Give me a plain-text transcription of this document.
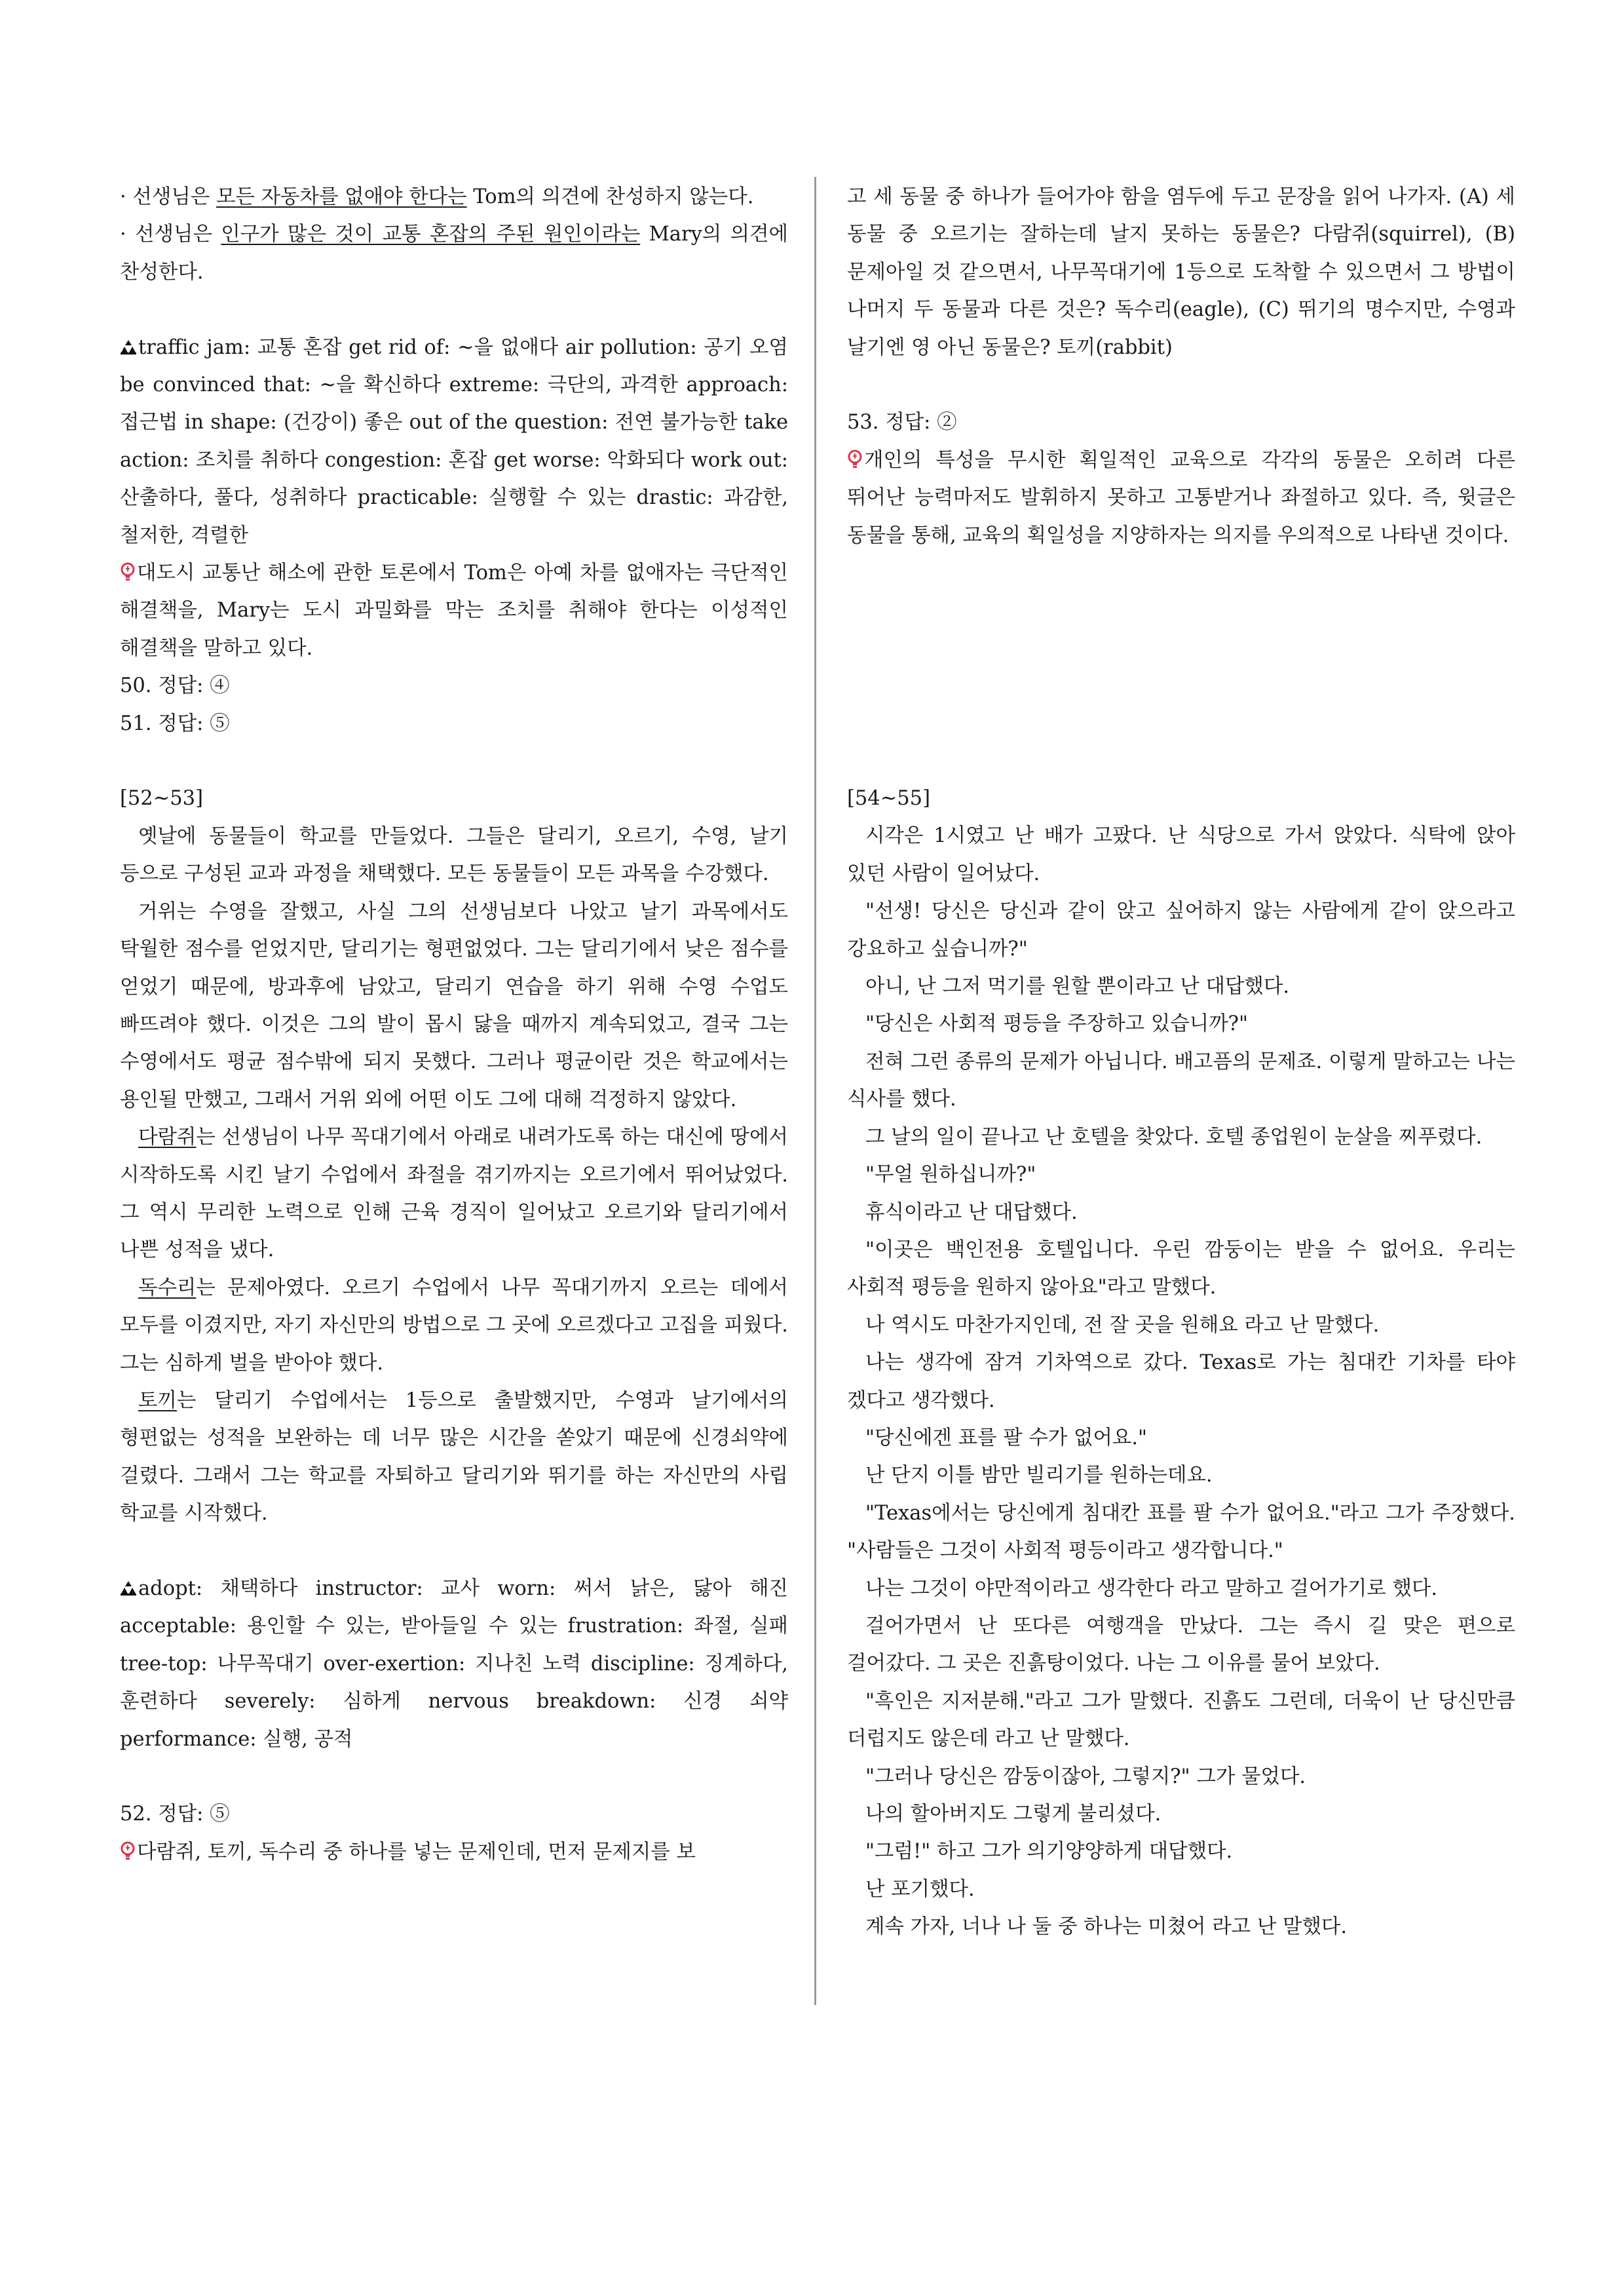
· 선생님은 모든 자동차를 없애야 한다는 Tom의 의견에 찬성하지 않는다.

· 선생님은 인구가 많은 것이 교통 혼잡의 주된 원인이라는 Mary의 의견에 찬성한다.

traffic jam: 교통 혼잡 get rid of: ~을 없애다 air pollution: 공기 오염 be convinced that: ~을 확신하다 extreme: 극단의, 과격한 approach: 접근법 in shape: (건강이) 좋은 out of the question: 전연 불가능한 take action: 조치를 취하다 congestion: 혼잡 get worse: 악화되다 work out: 산출하다, 풀다, 성취하다 practicable: 실행할 수 있는 drastic: 과감한, 철저한, 격렬한

대도시 교통난 해소에 관한 토론에서 Tom은 아예 차를 없애자는 극단적인 해결책을, Mary는 도시 과밀화를 막는 조치를 취해야 한다는 이성적인 해결책을 말하고 있다.

50. 정답: ④

51. 정답: ⑤

[52~53]

옛날에 동물들이 학교를 만들었다. 그들은 달리기, 오르기, 수영, 날기 등으로 구성된 교과 과정을 채택했다. 모든 동물들이 모든 과목을 수강했다.

거위는 수영을 잘했고, 사실 그의 선생님보다 나았고 날기 과목에서도 탁월한 점수를 얻었지만, 달리기는 형편없었다. 그는 달리기에서 낮은 점수를 얻었기 때문에, 방과후에 남았고, 달리기 연습을 하기 위해 수영 수업도 빠뜨려야 했다. 이것은 그의 발이 몹시 닳을 때까지 계속되었고, 결국 그는 수영에서도 평균 점수밖에 되지 못했다. 그러나 평균이란 것은 학교에서는 용인될 만했고, 그래서 거위 외에 어떤 이도 그에 대해 걱정하지 않았다.

다람쥐는 선생님이 나무 꼭대기에서 아래로 내려가도록 하는 대신에 땅에서 시작하도록 시킨 날기 수업에서 좌절을 겪기까지는 오르기에서 뛰어났었다. 그 역시 무리한 노력으로 인해 근육 경직이 일어났고 오르기와 달리기에서 나쁜 성적을 냈다.

독수리는 문제아였다. 오르기 수업에서 나무 꼭대기까지 오르는 데에서 모두를 이겼지만, 자기 자신만의 방법으로 그 곳에 오르겠다고 고집을 피웠다. 그는 심하게 벌을 받아야 했다.

토끼는 달리기 수업에서는 1등으로 출발했지만, 수영과 날기에서의 형편없는 성적을 보완하는 데 너무 많은 시간을 쏟았기 때문에 신경쇠약에 걸렸다. 그래서 그는 학교를 자퇴하고 달리기와 뛰기를 하는 자신만의 사립 학교를 시작했다.

adopt: 채택하다 instructor: 교사 worn: 써서 낡은, 닳아 해진 acceptable: 용인할 수 있는, 받아들일 수 있는 frustration: 좌절, 실패 tree-top: 나무꼭대기 over-exertion: 지나친 노력 discipline: 징계하다, 훈련하다 severely: 심하게 nervous breakdown: 신경 쇠약 performance: 실행, 공적

52. 정답: ⑤

다람쥐, 토끼, 독수리 중 하나를 넣는 문제인데, 먼저 문제지를 보

고 세 동물 중 하나가 들어가야 함을 염두에 두고 문장을 읽어 나가자. (A) 세 동물 중 오르기는 잘하는데 날지 못하는 동물은? 다람쥐(squirrel), (B) 문제아일 것 같으면서, 나무꼭대기에 1등으로 도착할 수 있으면서 그 방법이 나머지 두 동물과 다른 것은? 독수리(eagle), (C) 뛰기의 명수지만, 수영과 날기엔 영 아닌 동물은? 토끼(rabbit)

53. 정답: ②

개인의 특성을 무시한 획일적인 교육으로 각각의 동물은 오히려 다른 뛰어난 능력마저도 발휘하지 못하고 고통받거나 좌절하고 있다. 즉, 윗글은 동물을 통해, 교육의 획일성을 지양하자는 의지를 우의적으로 나타낸 것이다.

[54~55]

시각은 1시였고 난 배가 고팠다. 난 식당으로 가서 앉았다. 식탁에 앉아 있던 사람이 일어났다.

"선생! 당신은 당신과 같이 앉고 싶어하지 않는 사람에게 같이 앉으라고 강요하고 싶습니까?"

아니, 난 그저 먹기를 원할 뿐이라고 난 대답했다.

"당신은 사회적 평등을 주장하고 있습니까?"

전혀 그런 종류의 문제가 아닙니다. 배고픔의 문제죠. 이렇게 말하고는 나는 식사를 했다.

그 날의 일이 끝나고 난 호텔을 찾았다. 호텔 종업원이 눈살을 찌푸렸다.

"무얼 원하십니까?"

휴식이라고 난 대답했다.

"이곳은 백인전용 호텔입니다. 우린 깜둥이는 받을 수 없어요. 우리는 사회적 평등을 원하지 않아요"라고 말했다.

나 역시도 마찬가지인데, 전 잘 곳을 원해요 라고 난 말했다.

나는 생각에 잠겨 기차역으로 갔다. Texas로 가는 침대칸 기차를 타야 겠다고 생각했다.

"당신에겐 표를 팔 수가 없어요."

난 단지 이틀 밤만 빌리기를 원하는데요.

"Texas에서는 당신에게 침대칸 표를 팔 수가 없어요."라고 그가 주장했다. "사람들은 그것이 사회적 평등이라고 생각합니다."

나는 그것이 야만적이라고 생각한다 라고 말하고 걸어가기로 했다.

걸어가면서 난 또다른 여행객을 만났다. 그는 즉시 길 맞은 편으로 걸어갔다. 그 곳은 진흙탕이었다. 나는 그 이유를 물어 보았다.

"흑인은 지저분해."라고 그가 말했다. 진흙도 그런데, 더욱이 난 당신만큼 더럽지도 않은데 라고 난 말했다.

"그러나 당신은 깜둥이잖아, 그렇지?" 그가 물었다.

나의 할아버지도 그렇게 불리셨다.

"그럼!" 하고 그가 의기양양하게 대답했다.

난 포기했다.

계속 가자, 너나 나 둘 중 하나는 미쳤어 라고 난 말했다.
